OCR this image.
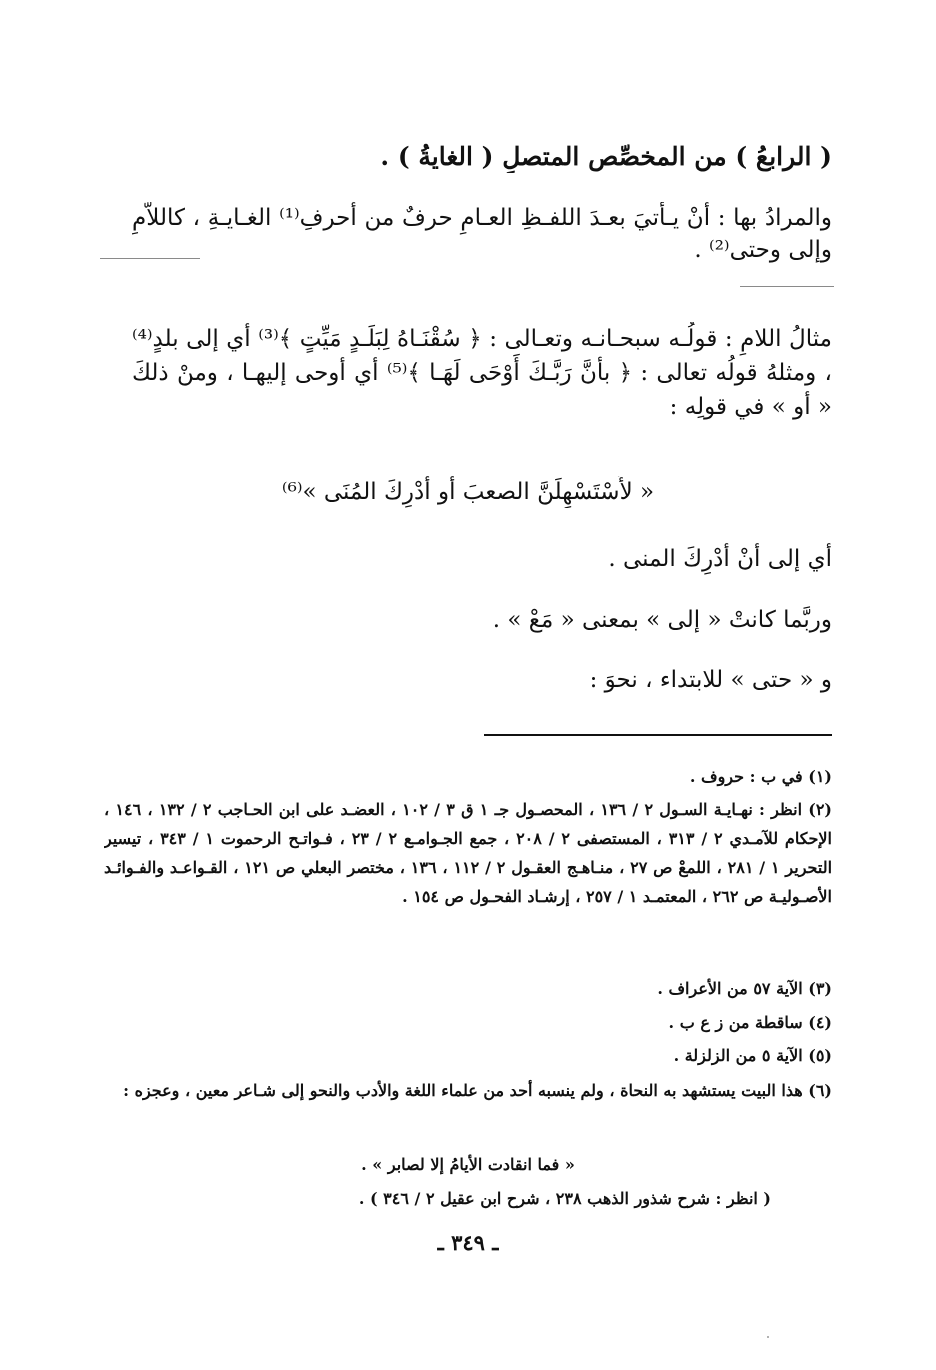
( الرابعُ ) من المخصِّص المتصلِ ( الغايةُ ) .
والمرادُ بها : أنْ يـأتيَ بعـدَ اللفـظِ العـامِ حرفٌ من أحرفِ⁽¹⁾ الغـايـةِ ، كاللاَّمِ وإلى وحتى⁽²⁾ .
مثالُ اللامِ : قولُـه سبحـانـه وتعـالى : ﴿ سُقْنَـاهُ لِبَلَـدٍ مَيِّتٍ ﴾⁽³⁾ أي إلى بلدٍ⁽⁴⁾ ، ومثلهُ قولُه تعالى : ﴿ بأنَّ رَبَّـكَ أَوْحَى لَهَـا ﴾⁽⁵⁾ أي أوحى إليهـا ، ومنْ ذلكَ « أو » في قولِه :
« لأَسْتَسْهِلَنَّ الصعبَ أو أُدْرِكَ المُنَى »⁽⁶⁾
أي إلى أنْ أُدْرِكَ المنى .
وربَّما كانتْ « إلى » بمعنى « مَعْ » .
و « حتى » للابتداء ، نحوَ :
(١) في ب : حروف .
(٢) انظر : نهـايـة السـول ٢ / ١٣٦ ، المحصـول جـ ١ ق ٣ / ١٠٢ ، العضـد على ابن الحـاجب ٢ / ١٣٢ ، ١٤٦ ، الإحكام للآمـدي ٢ / ٣١٣ ، المستصفى ٢ / ٢٠٨ ، جمع الجـوامـع ٢ / ٢٣ ، فـواتـح الرحموت ١ / ٣٤٣ ، تيسير التحرير ١ / ٢٨١ ، اللمعْ ص ٢٧ ، منـاهـج العقـول ٢ / ١١٢ ، ١٣٦ ، مختصر البعلي ص ١٢١ ، القـواعـد والفـوائـد الأصـوليـة ص ٢٦٢ ، المعتمـد ١ / ٢٥٧ ، إرشـاد الفحـول ص ١٥٤ .
(٣) الآية ٥٧ من الأعراف .
(٤) ساقطة من ز ع ب .
(٥) الآية ٥ من الزلزلة .
(٦) هذا البيت يستشهد به النحاة ، ولم ينسبه أحد من علماء اللغة والأدب والنحو إلى شـاعر معين ، وعجزه :
« فما انقادت الأيامُ إلا لصابر » .
( انظر : شرح شذور الذهب ٢٣٨ ، شرح ابن عقيل ٢ / ٣٤٦ ) .
ـ ٣٤٩ ـ
